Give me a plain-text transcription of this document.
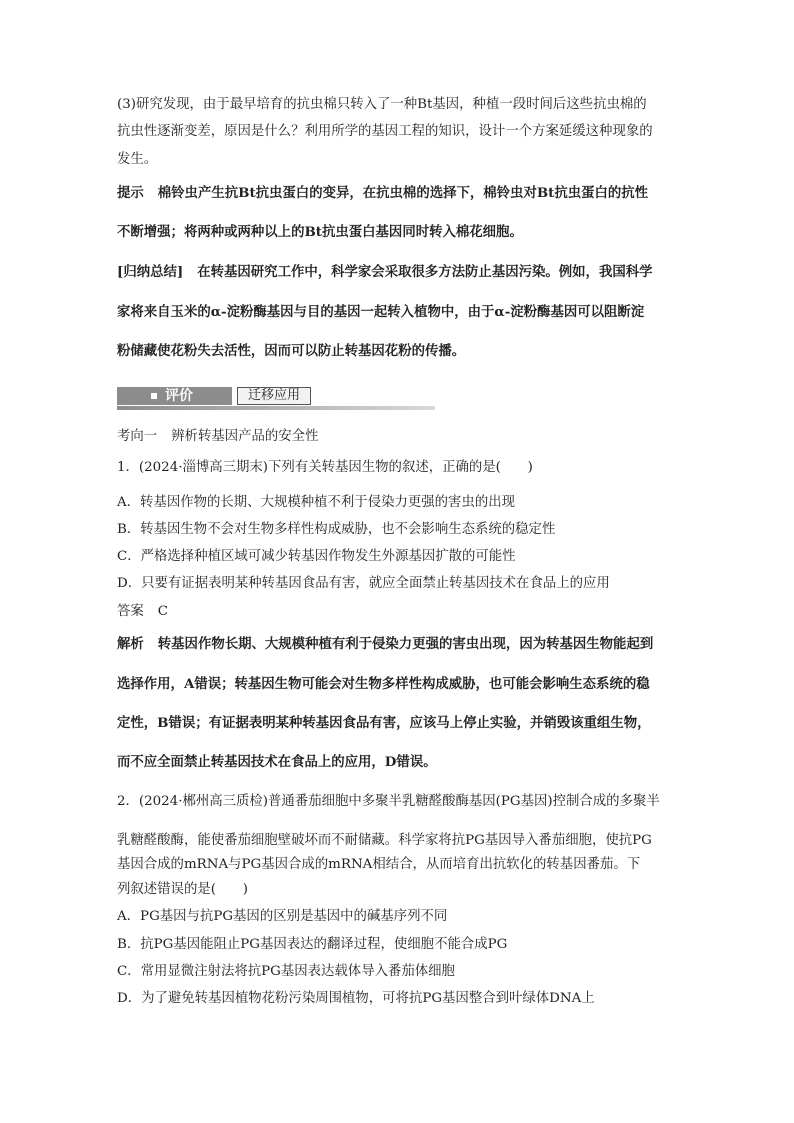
(3)研究发现，由于最早培育的抗虫棉只转入了一种Bt基因，种植一段时间后这些抗虫棉的
抗虫性逐渐变差，原因是什么？利用所学的基因工程的知识，设计一个方案延缓这种现象的
发生。
提示 棉铃虫产生抗Bt抗虫蛋白的变异，在抗虫棉的选择下，棉铃虫对Bt抗虫蛋白的抗性
不断增强；将两种或两种以上的Bt抗虫蛋白基因同时转入棉花细胞。
[归纳总结] 在转基因研究工作中，科学家会采取很多方法防止基因污染。例如，我国科学
家将来自玉米的α-淀粉酶基因与目的基因一起转入植物中，由于α-淀粉酶基因可以阻断淀
粉储藏使花粉失去活性，因而可以防止转基因花粉的传播。
评价	迁移应用
考向一 辨析转基因产品的安全性
1．(2024·淄博高三期末)下列有关转基因生物的叙述，正确的是(　　)
A．转基因作物的长期、大规模种植不利于侵染力更强的害虫的出现
B．转基因生物不会对生物多样性构成威胁，也不会影响生态系统的稳定性
C．严格选择种植区域可减少转基因作物发生外源基因扩散的可能性
D．只要有证据表明某种转基因食品有害，就应全面禁止转基因技术在食品上的应用
答案 C
解析 转基因作物长期、大规模种植有利于侵染力更强的害虫出现，因为转基因生物能起到
选择作用，A错误；转基因生物可能会对生物多样性构成威胁，也可能会影响生态系统的稳
定性，B错误；有证据表明某种转基因食品有害，应该马上停止实验，并销毁该重组生物，
而不应全面禁止转基因技术在食品上的应用，D错误。
2．(2024·郴州高三质检)普通番茄细胞中多聚半乳糖醛酸酶基因(PG基因)控制合成的多聚半
乳糖醛酸酶，能使番茄细胞壁破坏而不耐储藏。科学家将抗PG基因导入番茄细胞，使抗PG
基因合成的mRNA与PG基因合成的mRNA相结合，从而培育出抗软化的转基因番茄。下
列叙述错误的是(　　)
A．PG基因与抗PG基因的区别是基因中的碱基序列不同
B．抗PG基因能阻止PG基因表达的翻译过程，使细胞不能合成PG
C．常用显微注射法将抗PG基因表达载体导入番茄体细胞
D．为了避免转基因植物花粉污染周围植物，可将抗PG基因整合到叶绿体DNA上
